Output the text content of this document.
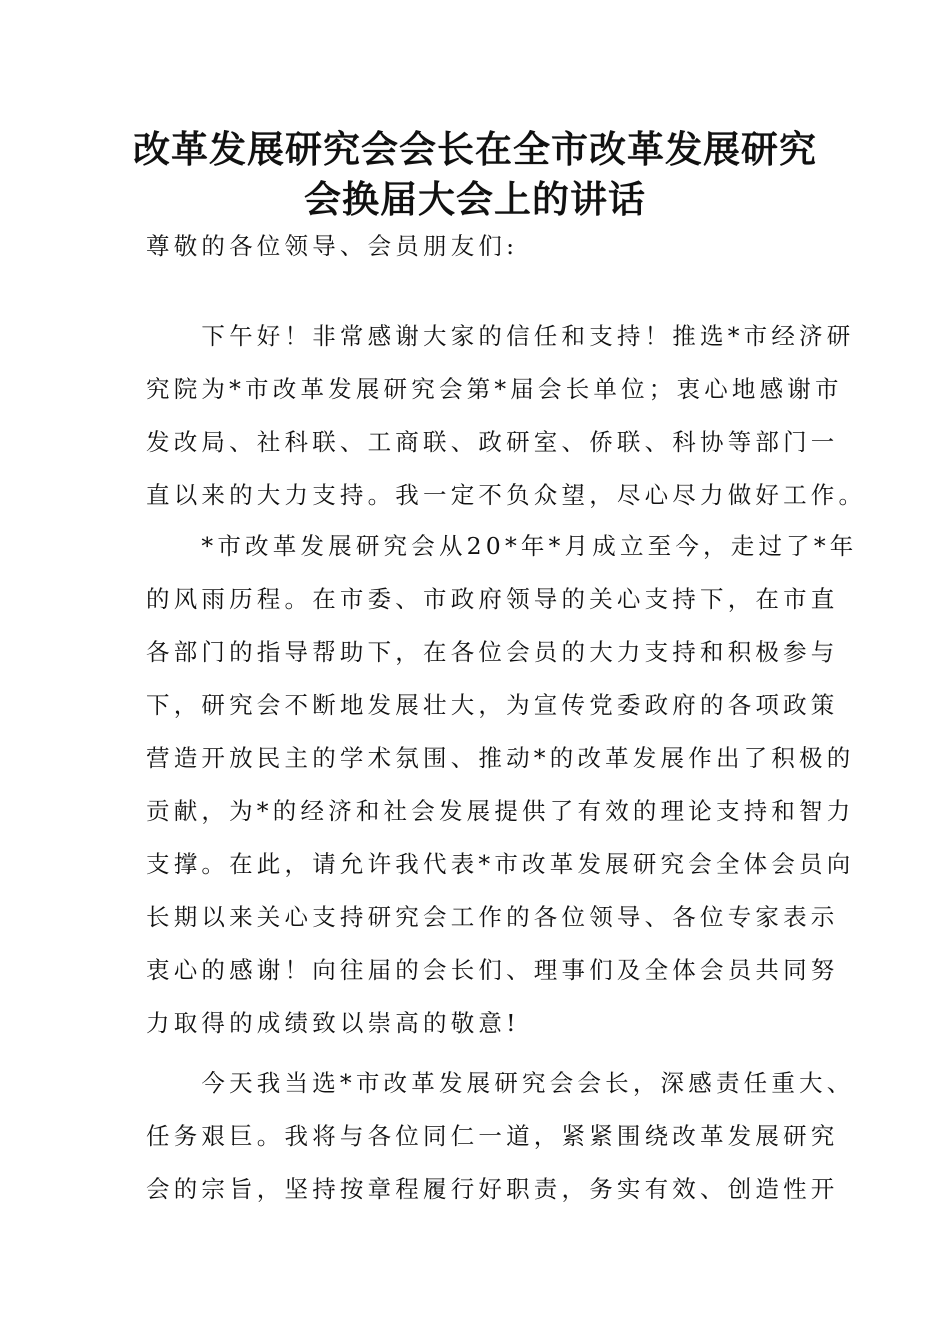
改革发展研究会会长在全市改革发展研究
会换届大会上的讲话

尊敬的各位领导、会员朋友们:

　　下午好！非常感谢大家的信任和支持！推选*市经济研

究院为*市改革发展研究会第*届会长单位；衷心地感谢市

发改局、社科联、工商联、政研室、侨联、科协等部门一

直以来的大力支持。我一定不负众望，尽心尽力做好工作。

　　*市改革发展研究会从20*年*月成立至今，走过了*年

的风雨历程。在市委、市政府领导的关心支持下，在市直

各部门的指导帮助下，在各位会员的大力支持和积极参与

下，研究会不断地发展壮大，为宣传党委政府的各项政策

营造开放民主的学术氛围、推动*的改革发展作出了积极的

贡献，为*的经济和社会发展提供了有效的理论支持和智力

支撑。在此，请允许我代表*市改革发展研究会全体会员向

长期以来关心支持研究会工作的各位领导、各位专家表示

衷心的感谢！向往届的会长们、理事们及全体会员共同努

力取得的成绩致以崇高的敬意!

　　今天我当选*市改革发展研究会会长，深感责任重大、

任务艰巨。我将与各位同仁一道，紧紧围绕改革发展研究

会的宗旨，坚持按章程履行好职责，务实有效、创造性开
